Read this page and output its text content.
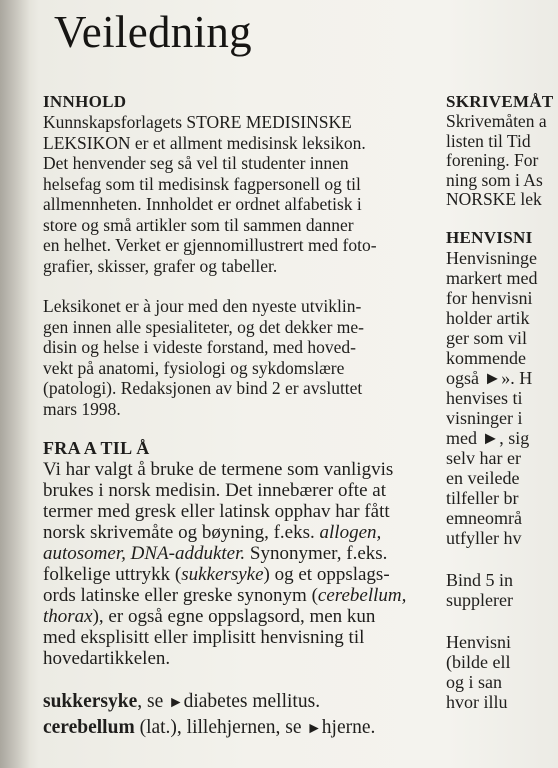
Veiledning
INNHOLD
Kunnskapsforlagets STORE MEDISINSKE
LEKSIKON er et allment medisinsk leksikon.
Det henvender seg så vel til studenter innen
helsefag som til medisinsk fagpersonell og til
allmennheten. Innholdet er ordnet alfabetisk i
store og små artikler som til sammen danner
en helhet. Verket er gjennomillustrert med foto-
grafier, skisser, grafer og tabeller.
Leksikonet er à jour med den nyeste utviklin-
gen innen alle spesialiteter, og det dekker me-
disin og helse i videste forstand, med hoved-
vekt på anatomi, fysiologi og sykdomslære
(patologi). Redaksjonen av bind 2 er avsluttet
mars 1998.
FRA A TIL Å
Vi har valgt å bruke de termene som vanligvis
brukes i norsk medisin. Det innebærer ofte at
termer med gresk eller latinsk opphav har fått
norsk skrivemåte og bøyning, f.eks. allogen,
autosomer, DNA-addukter. Synonymer, f.eks.
folkelige uttrykk (sukkersyke) og et oppslags-
ords latinske eller greske synonym (cerebellum,
thorax), er også egne oppslagsord, men kun
med eksplisitt eller implisitt henvisning til
hovedartikkelen.
sukkersyke, se ►diabetes mellitus.
cerebellum (lat.), lillehjernen, se ►hjerne.
SKRIVEMÅT
Skrivemåten a
listen til Tid
forening. For
ning som i As
NORSKE lek
HENVISNI
Henvisninge
markert med
for henvisni
holder artik
ger som vil
kommende
også ►». H
henvises ti
visninger i
med ►, sig
selv har er
en veilede
tilfeller br
emneområ
utfyller hv
Bind 5 in
supplerer
Henvisni
(bilde ell
og i san
hvor illu
